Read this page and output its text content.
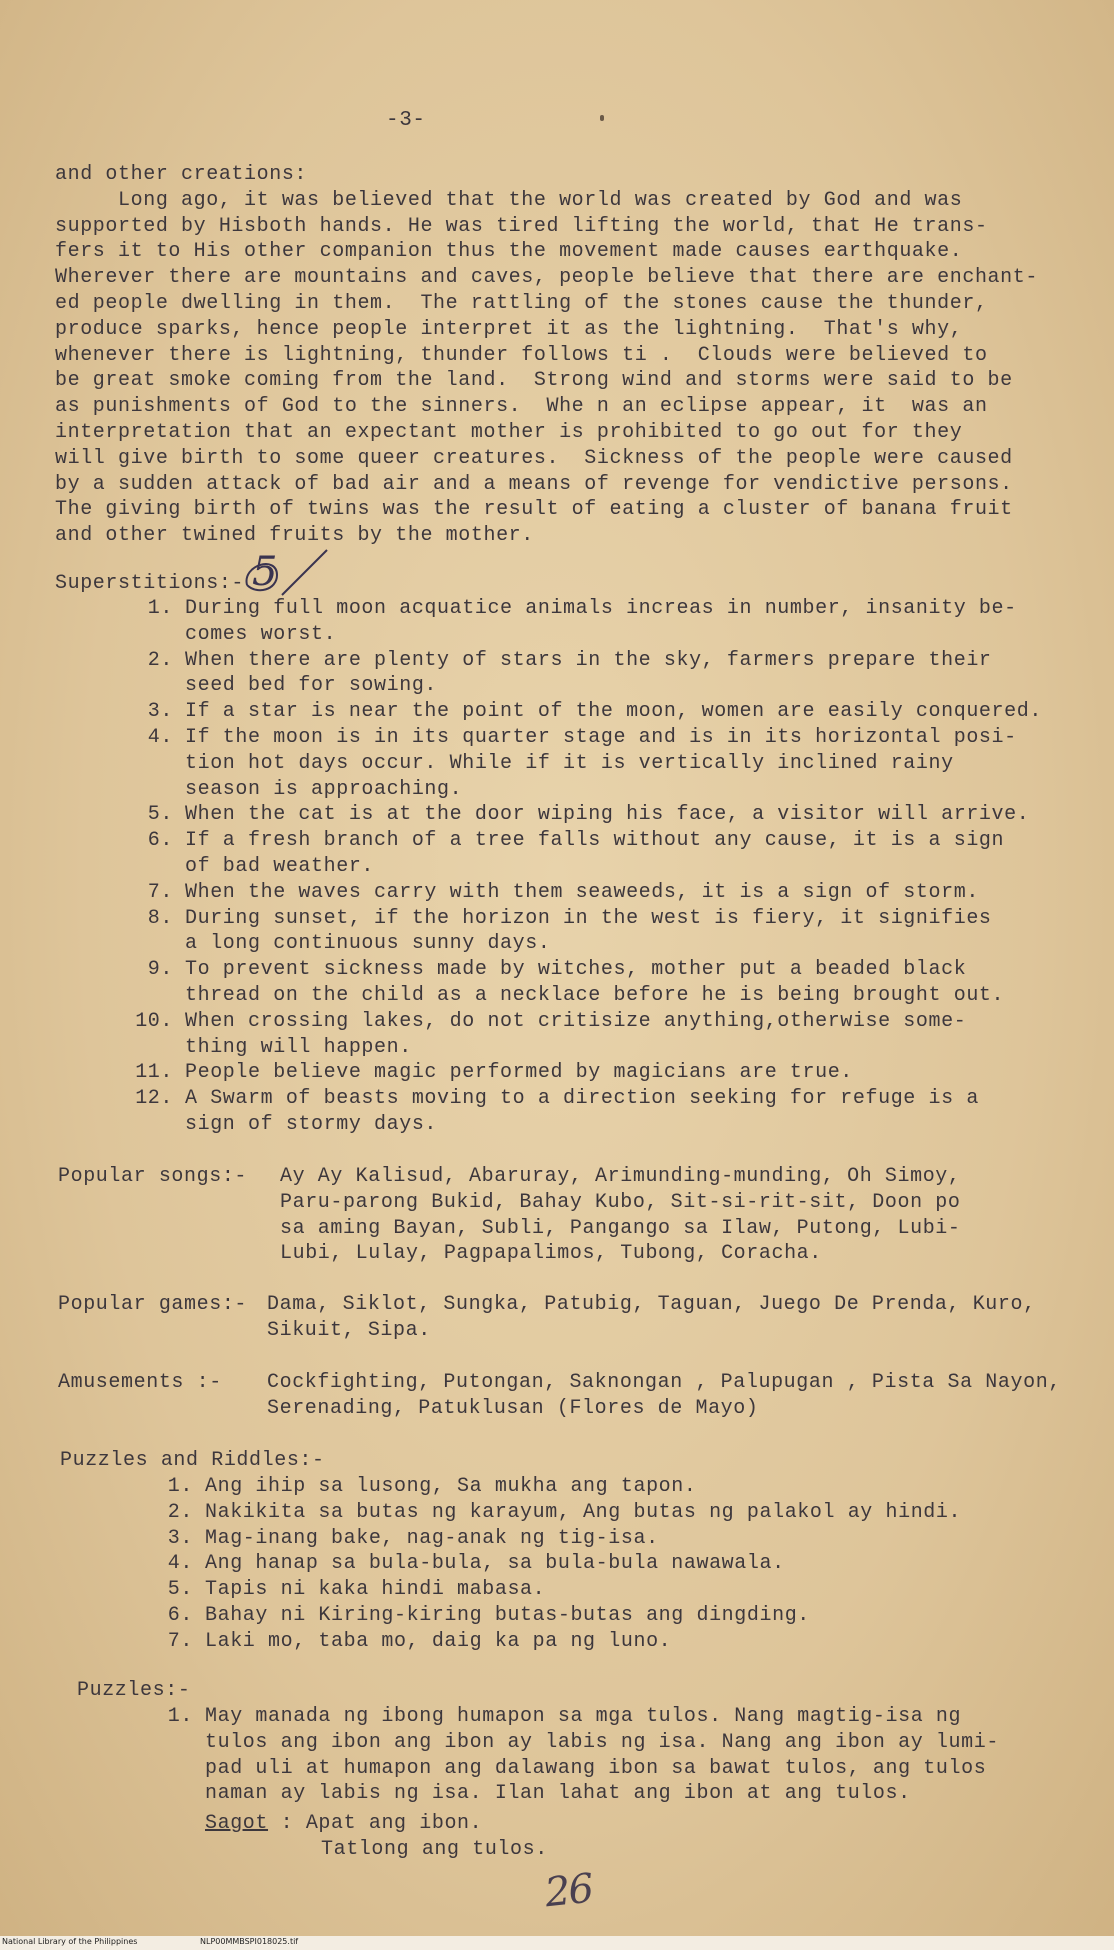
-3-
and other creations:
Long ago, it was believed that the world was created by God and was
supported by Hisboth hands. He was tired lifting the world, that He trans-
fers it to His other companion thus the movement made causes earthquake.
Wherever there are mountains and caves, people believe that there are enchant-
ed people dwelling in them.  The rattling of the stones cause the thunder,
produce sparks, hence people interpret it as the lightning.  That's why,
whenever there is lightning, thunder follows ti .  Clouds were believed to
be great smoke coming from the land.  Strong wind and storms were said to be
as punishments of God to the sinners.  Whe n an eclipse appear, it  was an
interpretation that an expectant mother is prohibited to go out for they
will give birth to some queer creatures.  Sickness of the people were caused
by a sudden attack of bad air and a means of revenge for vendictive persons.
The giving birth of twins was the result of eating a cluster of banana fruit
and other twined fruits by the mother.
Superstitions:- 5
1. During full moon acquatice animals increas in number, insanity be-
comes worst.
2. When there are plenty of stars in the sky, farmers prepare their
seed bed for sowing.
3. If a star is near the point of the moon, women are easily conquered.
4. If the moon is in its quarter stage and is in its horizontal posi-
tion hot days occur. While if it is vertically inclined rainy
season is approaching.
5. When the cat is at the door wiping his face, a visitor will arrive.
6. If a fresh branch of a tree falls without any cause, it is a sign
of bad weather.
7. When the waves carry with them seaweeds, it is a sign of storm.
8. During sunset, if the horizon in the west is fiery, it signifies
a long continuous sunny days.
9. To prevent sickness made by witches, mother put a beaded black
thread on the child as a necklace before he is being brought out.
10. When crossing lakes, do not critisize anything,otherwise some-
thing will happen.
11. People believe magic performed by magicians are true.
12. A Swarm of beasts moving to a direction seeking for refuge is a
sign of stormy days.
Popular songs:- Ay Ay Kalisud, Abaruray, Arimunding-munding, Oh Simoy,
Paru-parong Bukid, Bahay Kubo, Sit-si-rit-sit, Doon po
sa aming Bayan, Subli, Pangango sa Ilaw, Putong, Lubi-
Lubi, Lulay, Pagpapalimos, Tubong, Coracha.
Popular games:- Dama, Siklot, Sungka, Patubig, Taguan, Juego De Prenda, Kuro,
Sikuit, Sipa.
Amusements :- Cockfighting, Putongan, Saknongan , Palupugan , Pista Sa Nayon,
Serenading, Patuklusan (Flores de Mayo)
Puzzles and Riddles:-
1. Ang ihip sa lusong, Sa mukha ang tapon.
2. Nakikita sa butas ng karayum, Ang butas ng palakol ay hindi.
3. Mag-inang bake, nag-anak ng tig-isa.
4. Ang hanap sa bula-bula, sa bula-bula nawawala.
5. Tapis ni kaka hindi mabasa.
6. Bahay ni Kiring-kiring butas-butas ang dingding.
7. Laki mo, taba mo, daig ka pa ng luno.
Puzzles:-
1. May manada ng ibong humapon sa mga tulos. Nang magtig-isa ng
tulos ang ibon ang ibon ay labis ng isa. Nang ang ibon ay lumi-
pad uli at humapon ang dalawang ibon sa bawat tulos, ang tulos
naman ay labis ng isa. Ilan lahat ang ibon at ang tulos.
Sagot : Apat ang ibon.
Tatlong ang tulos.
26
National Library of the Philippines	NLP00MMBSPI018025.tif
